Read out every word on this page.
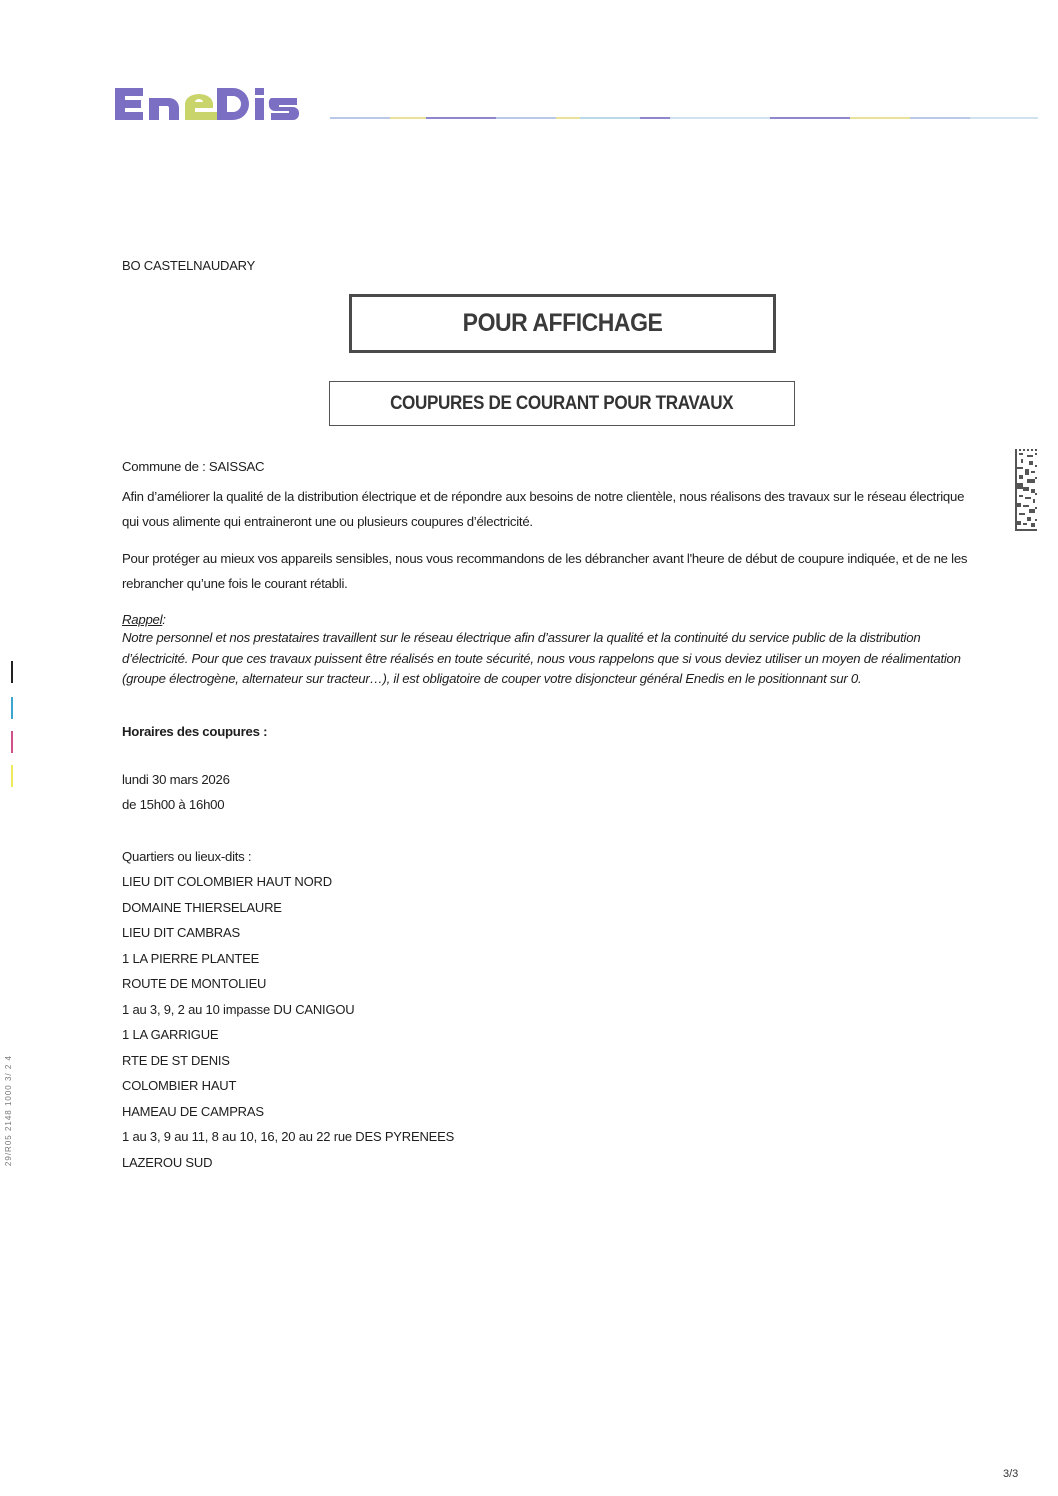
BO CASTELNAUDARY
POUR AFFICHAGE
COUPURES DE COURANT POUR TRAVAUX
Commune de : SAISSAC
Afin d’améliorer la qualité de la distribution électrique et de répondre aux besoins de notre clientèle, nous réalisons des travaux sur le réseau électrique qui vous alimente qui entraineront une ou plusieurs coupures d’électricité.
Pour protéger au mieux vos appareils sensibles, nous vous recommandons de les débrancher avant l'heure de début de coupure indiquée, et de ne les rebrancher qu’une fois le courant rétabli.
Rappel:
Notre personnel et nos prestataires travaillent sur le réseau électrique afin d’assurer la qualité et la continuité du service public de la distribution d’électricité. Pour que ces travaux puissent être réalisés en toute sécurité, nous vous rappelons que si vous deviez utiliser un moyen de réalimentation (groupe électrogène, alternateur sur tracteur…), il est obligatoire de couper votre disjoncteur général Enedis en le positionnant sur 0.
Horaires des coupures :
lundi 30 mars 2026
de 15h00 à 16h00
Quartiers ou lieux-dits :
LIEU DIT COLOMBIER HAUT NORD
DOMAINE THIERSELAURE
LIEU DIT CAMBRAS
1 LA PIERRE PLANTEE
ROUTE DE MONTOLIEU
1 au 3, 9, 2 au 10 impasse DU CANIGOU
1 LA GARRIGUE
RTE DE ST DENIS
COLOMBIER HAUT
HAMEAU DE CAMPRAS
1 au 3, 9 au 11, 8 au 10, 16, 20 au 22 rue DES PYRENEES
LAZEROU SUD
3/3
29/R05 2148 1000 3/ 2 4
